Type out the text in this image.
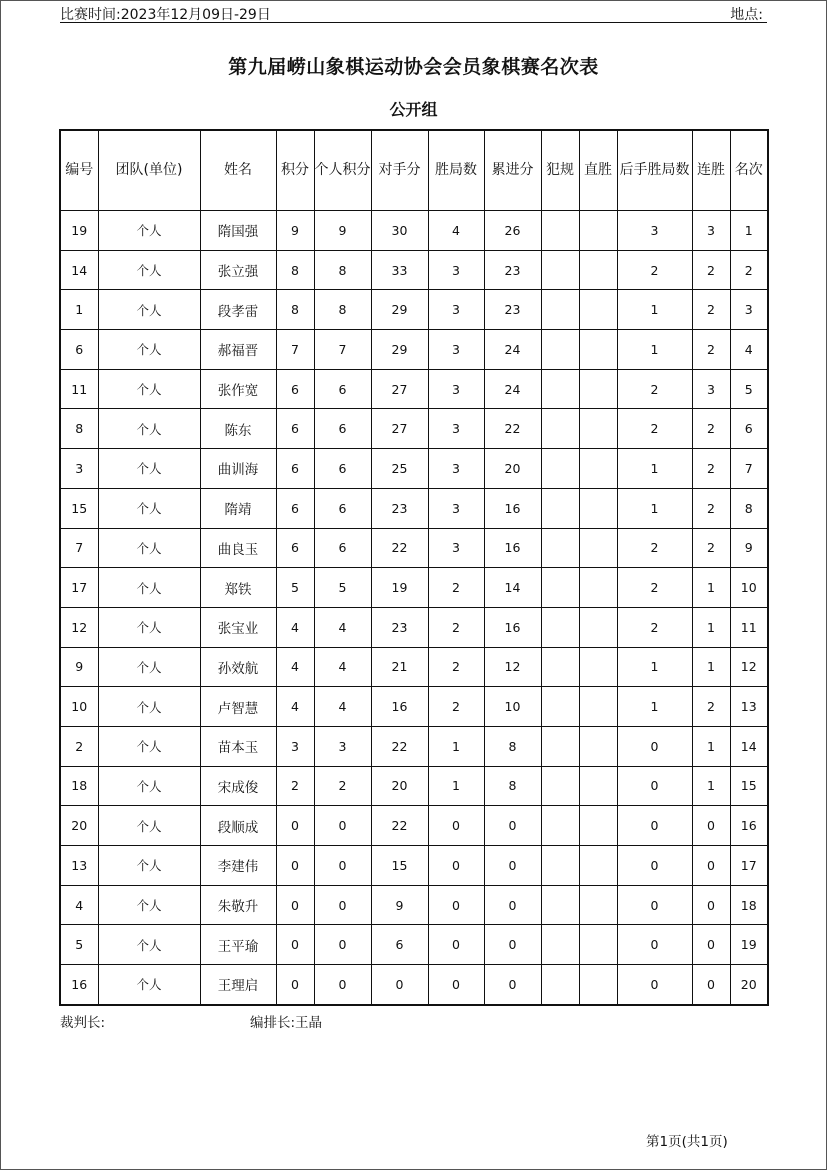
比赛时间:2023年12月09日-29日	地点:
第九届崂山象棋运动协会会员象棋赛名次表
公开组
编号	团队(单位)	姓名	积分	个人积分	对手分	胜局数	累进分	犯规	直胜	后手胜局数	连胜	名次
19	个人	隋国强	9	9	30	4	26			3	3	1
14	个人	张立强	8	8	33	3	23			2	2	2
1	个人	段孝雷	8	8	29	3	23			1	2	3
6	个人	郝福晋	7	7	29	3	24			1	2	4
11	个人	张作宽	6	6	27	3	24			2	3	5
8	个人	陈东	6	6	27	3	22			2	2	6
3	个人	曲训海	6	6	25	3	20			1	2	7
15	个人	隋靖	6	6	23	3	16			1	2	8
7	个人	曲良玉	6	6	22	3	16			2	2	9
17	个人	郑铁	5	5	19	2	14			2	1	10
12	个人	张宝业	4	4	23	2	16			2	1	11
9	个人	孙效航	4	4	21	2	12			1	1	12
10	个人	卢智慧	4	4	16	2	10			1	2	13
2	个人	苗本玉	3	3	22	1	8			0	1	14
18	个人	宋成俊	2	2	20	1	8			0	1	15
20	个人	段顺成	0	0	22	0	0			0	0	16
13	个人	李建伟	0	0	15	0	0			0	0	17
4	个人	朱敬升	0	0	9	0	0			0	0	18
5	个人	王平瑜	0	0	6	0	0			0	0	19
16	个人	王理启	0	0	0	0	0			0	0	20
裁判长:	编排长:王晶
第1页(共1页)
